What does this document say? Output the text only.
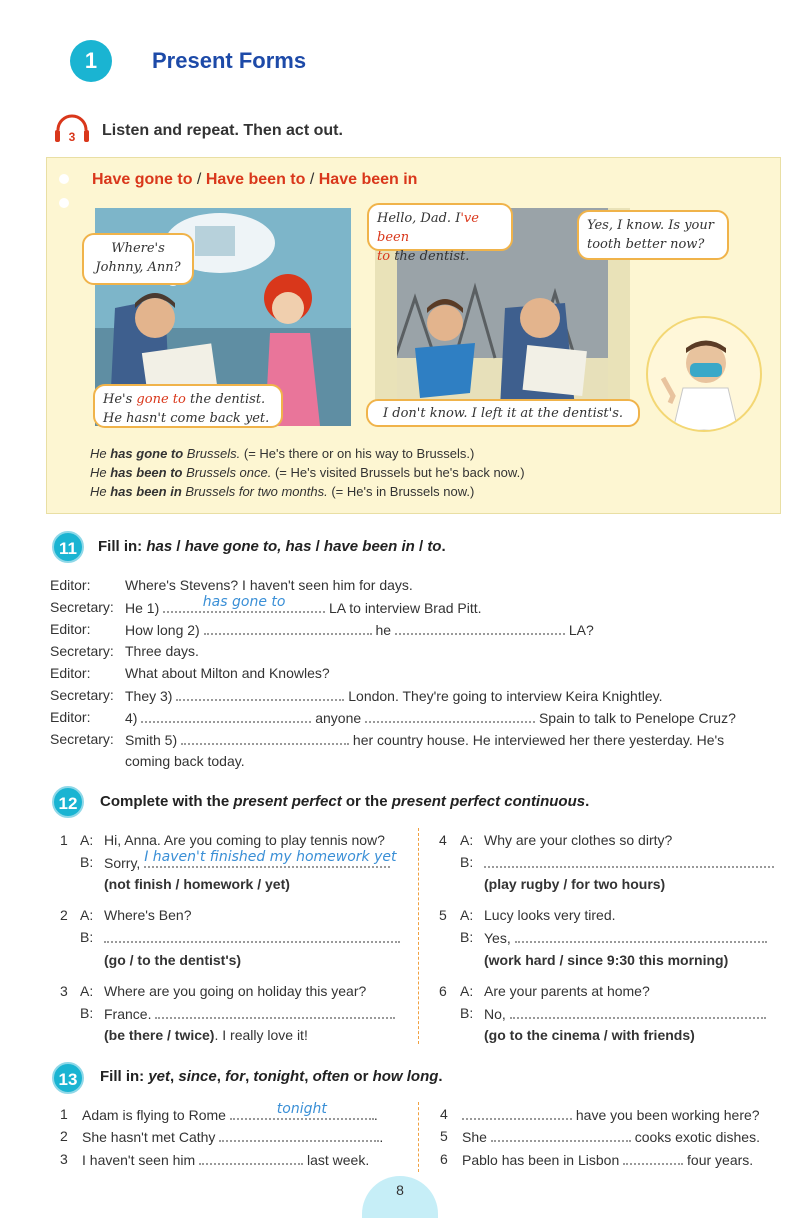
1	Present Forms
3 Listen and repeat. Then act out.
Have gone to / Have been to / Have been in
Where's Johnny, Ann?
He's gone to the dentist.
He hasn't come back yet.
Hello, Dad. I've been
to the dentist.
Yes, I know. Is your tooth better now?
I don't know. I left it at the dentist's.
He has gone to Brussels. (= He's there or on his way to Brussels.)
He has been to Brussels once. (= He's visited Brussels but he's back now.)
He has been in Brussels for two months. (= He's in Brussels now.)
11	Fill in: has / have gone to, has / have been in / to.
Editor: Where's Stevens? I haven't seen him for days.
Secretary: He 1)	has gone to	LA to interview Brad Pitt.
Editor: How long 2)	he	LA?
Secretary: Three days.
Editor: What about Milton and Knowles?
Secretary: They 3)	London. They're going to interview Keira Knightley.
Editor: 4)	anyone	Spain to talk to Penelope Cruz?
Secretary: Smith 5)	her country house. He interviewed her there yesterday. He's
coming back today.
12	Complete with the present perfect or the present perfect continuous.
1 A: Hi, Anna. Are you coming to play tennis now?
B: Sorry, I haven't finished my homework yet
(not finish / homework / yet)
2 A: Where's Ben?
B:
(go / to the dentist's)
3 A: Where are you going on holiday this year?
B: France.
(be there / twice). I really love it!
4 A: Why are your clothes so dirty?
B:
(play rugby / for two hours)
5 A: Lucy looks very tired.
B: Yes,
(work hard / since 9:30 this morning)
6 A: Are your parents at home?
B: No,
(go to the cinema / with friends)
13	Fill in: yet, since, for, tonight, often or how long.
1 Adam is flying to Rome	tonight	.
2 She hasn't met Cathy	.
3 I haven't seen him	last week.
4	have you been working here?
5 She	cooks exotic dishes.
6 Pablo has been in Lisbon	four years.
8
